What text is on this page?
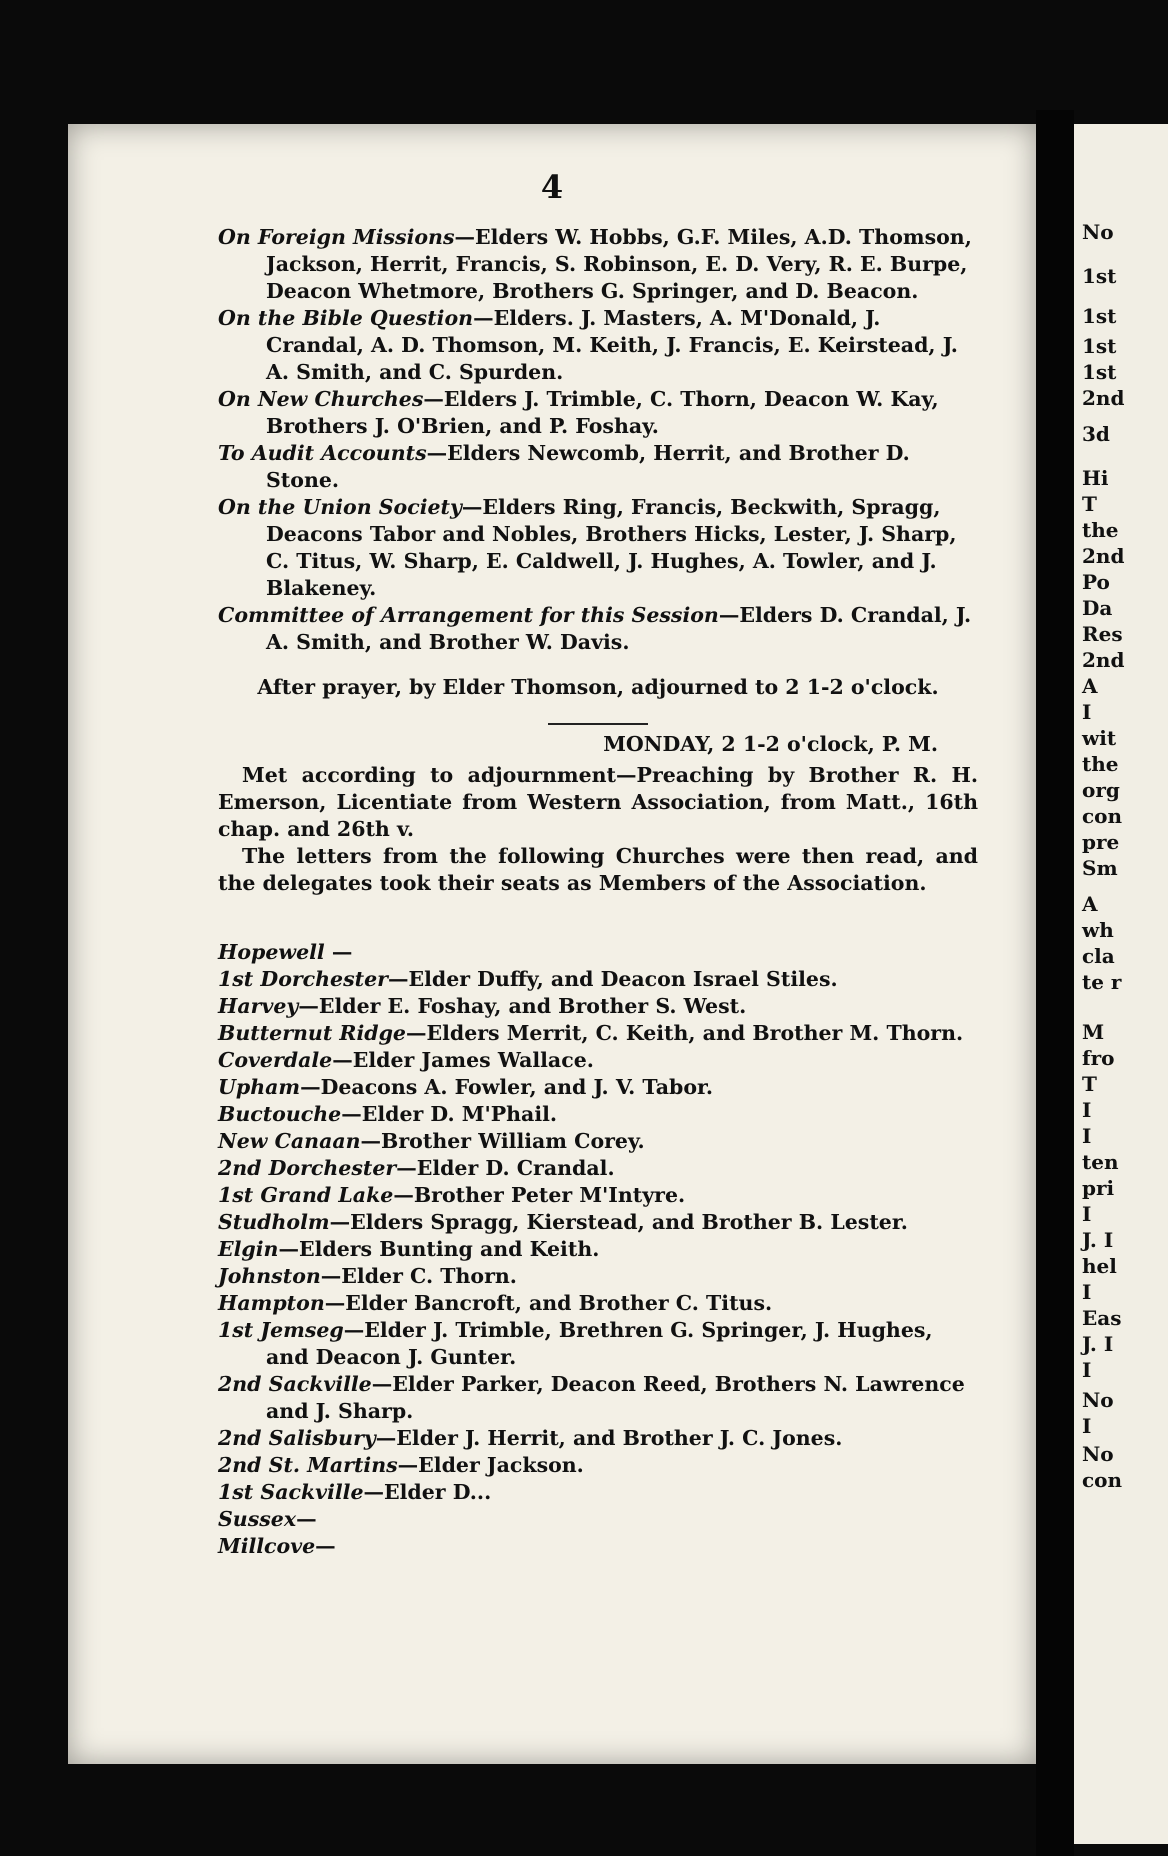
No
1st
1st
1st
1st
2nd
3d
Hi
T
the
2nd
Po
Da
Res
2nd
A
I
wit
the
org
con
pre
Sm
A
wh
cla
te r
M
fro
T
I
I
ten
pri
I
J. I
hel
I
Eas
J. I
I
No
I
No
con
4

On Foreign Missions—Elders W. Hobbs, G.F. Miles, A.D. Thomson, Jackson, Herrit, Francis, S. Robinson, E. D. Very, R. E. Burpe, Deacon Whetmore, Brothers G. Springer, and D. Beacon.

On the Bible Question—Elders. J. Masters, A. M'Donald, J. Crandal, A. D. Thomson, M. Keith, J. Francis, E. Keirstead, J. A. Smith, and C. Spurden.

On New Churches—Elders J. Trimble, C. Thorn, Deacon W. Kay, Brothers J. O'Brien, and P. Foshay.

To Audit Accounts—Elders Newcomb, Herrit, and Brother D. Stone.

On the Union Society—Elders Ring, Francis, Beckwith, Spragg, Deacons Tabor and Nobles, Brothers Hicks, Lester, J. Sharp, C. Titus, W. Sharp, E. Caldwell, J. Hughes, A. Towler, and J. Blakeney.

Committee of Arrangement for this Session—Elders D. Crandal, J. A. Smith, and Brother W. Davis.

After prayer, by Elder Thomson, adjourned to 2 1-2 o'clock.

MONDAY, 2 1-2 o'clock, P. M.

Met according to adjournment—Preaching by Brother R. H. Emerson, Licentiate from Western Association, from Matt., 16th chap. and 26th v.

The letters from the following Churches were then read, and the delegates took their seats as Members of the Association.

Hopewell —

1st Dorchester—Elder Duffy, and Deacon Israel Stiles.

Harvey—Elder E. Foshay, and Brother S. West.

Butternut Ridge—Elders Merrit, C. Keith, and Brother M. Thorn.

Coverdale—Elder James Wallace.

Upham—Deacons A. Fowler, and J. V. Tabor.

Buctouche—Elder D. M'Phail.

New Canaan—Brother William Corey.

2nd Dorchester—Elder D. Crandal.

1st Grand Lake—Brother Peter M'Intyre.

Studholm—Elders Spragg, Kierstead, and Brother B. Lester.

Elgin—Elders Bunting and Keith.

Johnston—Elder C. Thorn.

Hampton—Elder Bancroft, and Brother C. Titus.

1st Jemseg—Elder J. Trimble, Brethren G. Springer, J. Hughes, and Deacon J. Gunter.

2nd Sackville—Elder Parker, Deacon Reed, Brothers N. Lawrence and J. Sharp.

2nd Salisbury—Elder J. Herrit, and Brother J. C. Jones.

2nd St. Martins—Elder Jackson.

1st Sackville—Elder D...

Sussex—

Millcove—
